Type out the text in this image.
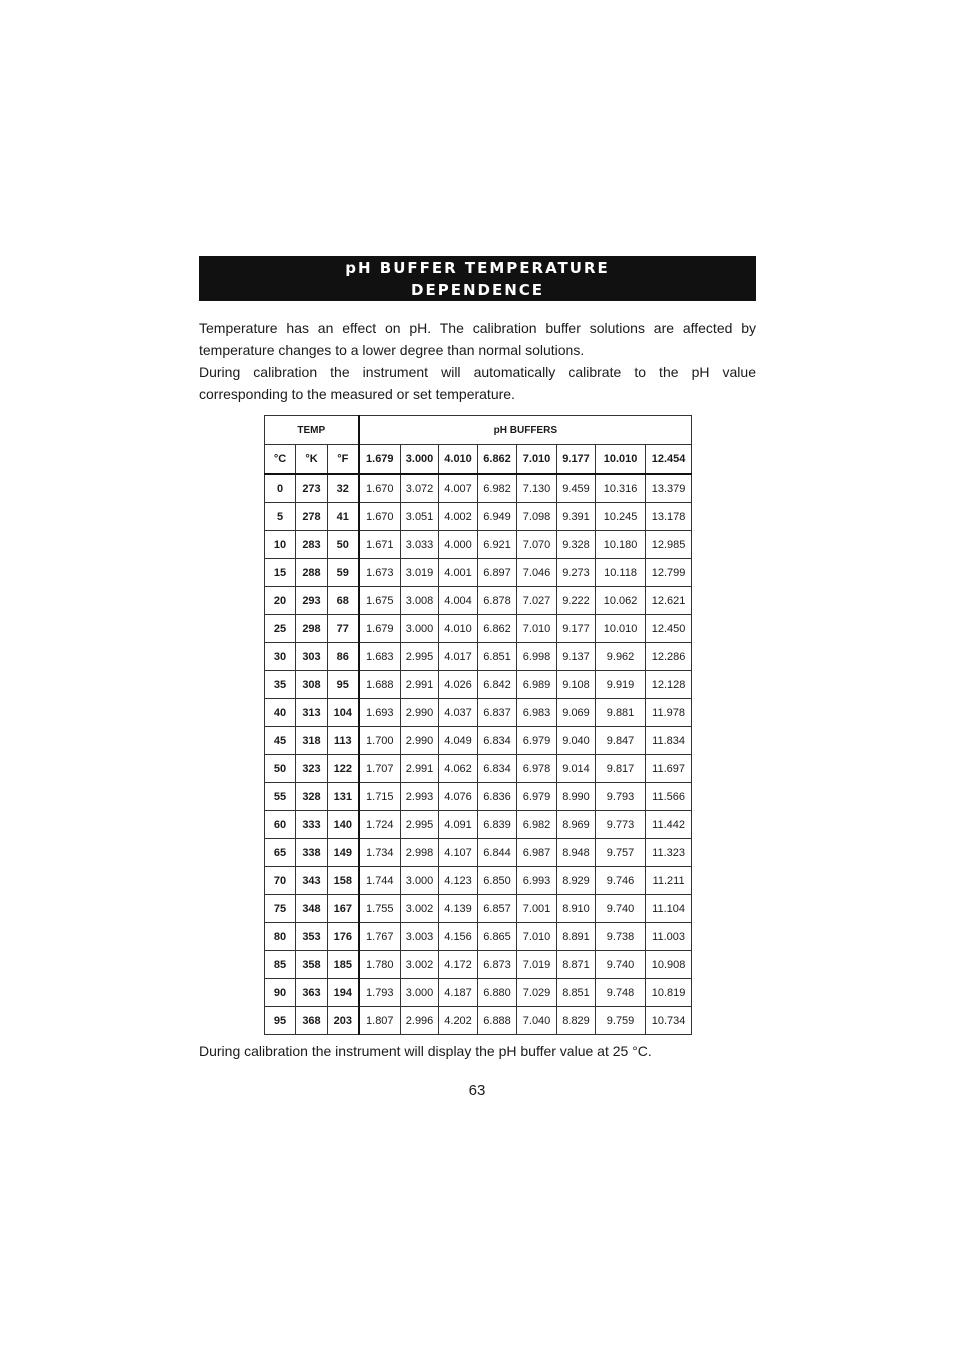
pH BUFFER TEMPERATURE
DEPENDENCE
Temperature has an effect on pH. The calibration buffer solutions are affected by temperature changes to a lower degree than normal solutions.
During calibration the instrument will automatically calibrate to the pH value corresponding to the measured or set temperature.
TEMP			pH BUFFERS							
°C	°K	°F	1.679	3.000	4.010	6.862	7.010	9.177	10.010	12.454
0	273	32	1.670	3.072	4.007	6.982	7.130	9.459	10.316	13.379
5	278	41	1.670	3.051	4.002	6.949	7.098	9.391	10.245	13.178
10	283	50	1.671	3.033	4.000	6.921	7.070	9.328	10.180	12.985
15	288	59	1.673	3.019	4.001	6.897	7.046	9.273	10.118	12.799
20	293	68	1.675	3.008	4.004	6.878	7.027	9.222	10.062	12.621
25	298	77	1.679	3.000	4.010	6.862	7.010	9.177	10.010	12.450
30	303	86	1.683	2.995	4.017	6.851	6.998	9.137	9.962	12.286
35	308	95	1.688	2.991	4.026	6.842	6.989	9.108	9.919	12.128
40	313	104	1.693	2.990	4.037	6.837	6.983	9.069	9.881	11.978
45	318	113	1.700	2.990	4.049	6.834	6.979	9.040	9.847	11.834
50	323	122	1.707	2.991	4.062	6.834	6.978	9.014	9.817	11.697
55	328	131	1.715	2.993	4.076	6.836	6.979	8.990	9.793	11.566
60	333	140	1.724	2.995	4.091	6.839	6.982	8.969	9.773	11.442
65	338	149	1.734	2.998	4.107	6.844	6.987	8.948	9.757	11.323
70	343	158	1.744	3.000	4.123	6.850	6.993	8.929	9.746	11.211
75	348	167	1.755	3.002	4.139	6.857	7.001	8.910	9.740	11.104
80	353	176	1.767	3.003	4.156	6.865	7.010	8.891	9.738	11.003
85	358	185	1.780	3.002	4.172	6.873	7.019	8.871	9.740	10.908
90	363	194	1.793	3.000	4.187	6.880	7.029	8.851	9.748	10.819
95	368	203	1.807	2.996	4.202	6.888	7.040	8.829	9.759	10.734
During calibration the instrument will display the pH buffer value at 25 °C.
63
